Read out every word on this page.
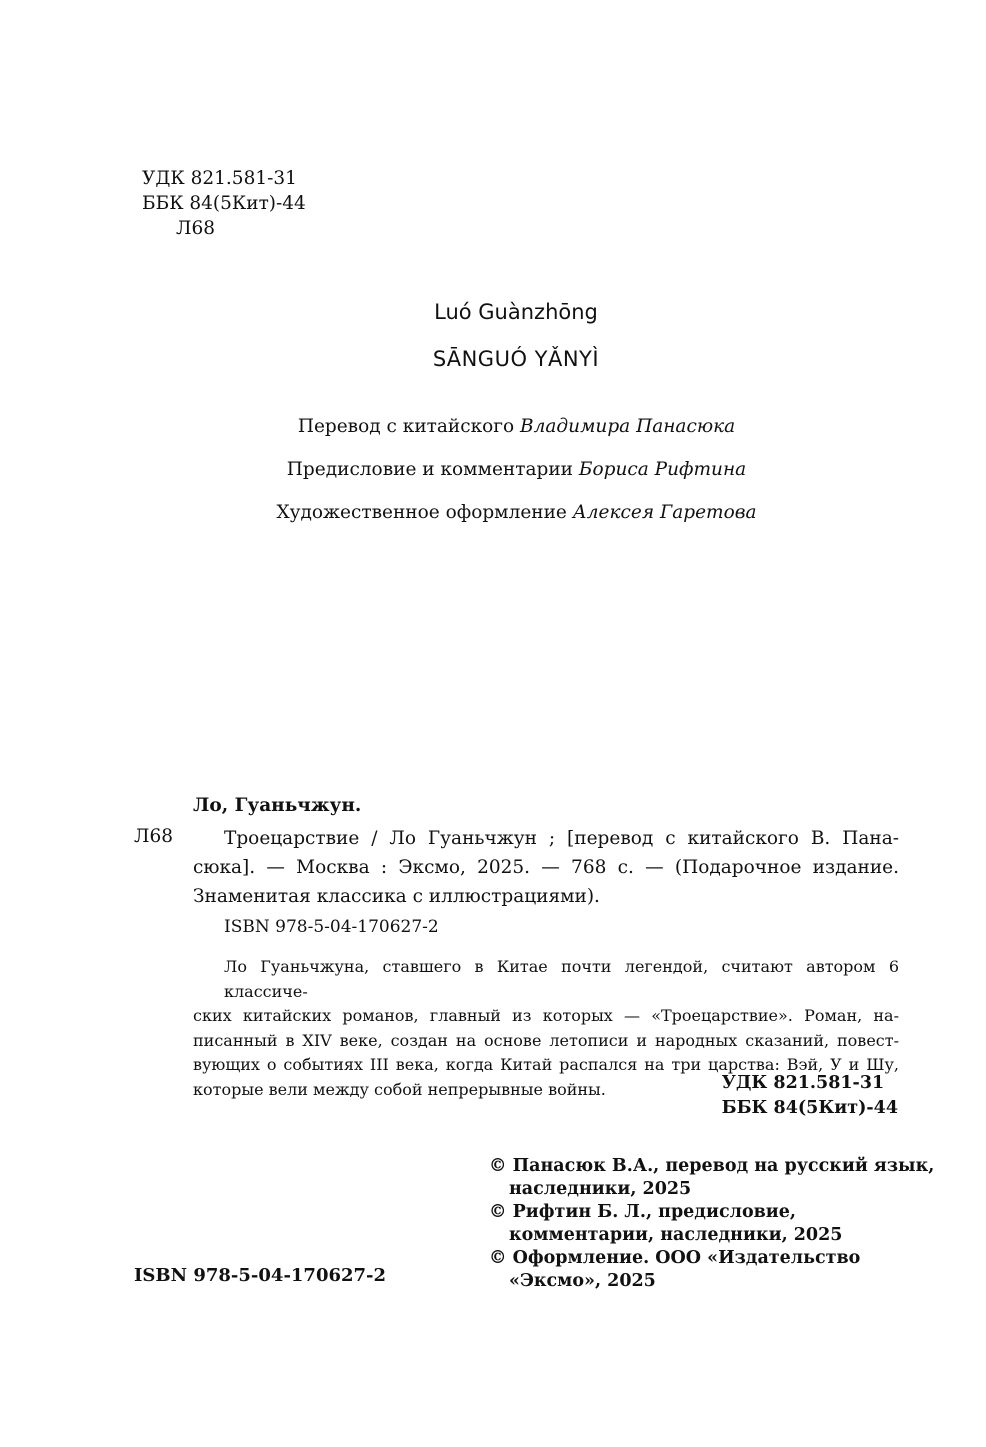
УДК 821.581-31
ББК 84(5Кит)-44
Л68
Luó Guànzhōng
SĀNGUÓ YǍNYÌ
Перевод с китайского Владимира Панасюка
Предисловие и комментарии Бориса Рифтина
Художественное оформление Алексея Гаретова
Ло, Гуаньчжун.
Л68	Троецарствие / Ло Гуаньчжун ; [перевод с китайского В. Пана-
сюка]. — Москва : Эксмо, 2025. — 768 с. — (Подарочное издание.
Знаменитая классика с иллюстрациями).
ISBN 978-5-04-170627-2
Ло Гуаньчжуна, ставшего в Китае почти легендой, считают автором 6 классиче-
ских китайских романов, главный из которых — «Троецарствие». Роман, на-
писанный в XIV веке, создан на основе летописи и народных сказаний, повест-
вующих о событиях III века, когда Китай распался на три царства: Вэй, У и Шу,
которые вели между собой непрерывные войны.	УДК 821.581-31
ББК 84(5Кит)-44
© Панасюк В.А., перевод на русский язык,
наследники, 2025
© Рифтин Б. Л., предисловие,
комментарии, наследники, 2025
© Оформление. ООО «Издательство
«Эксмо», 2025
ISBN 978-5-04-170627-2
